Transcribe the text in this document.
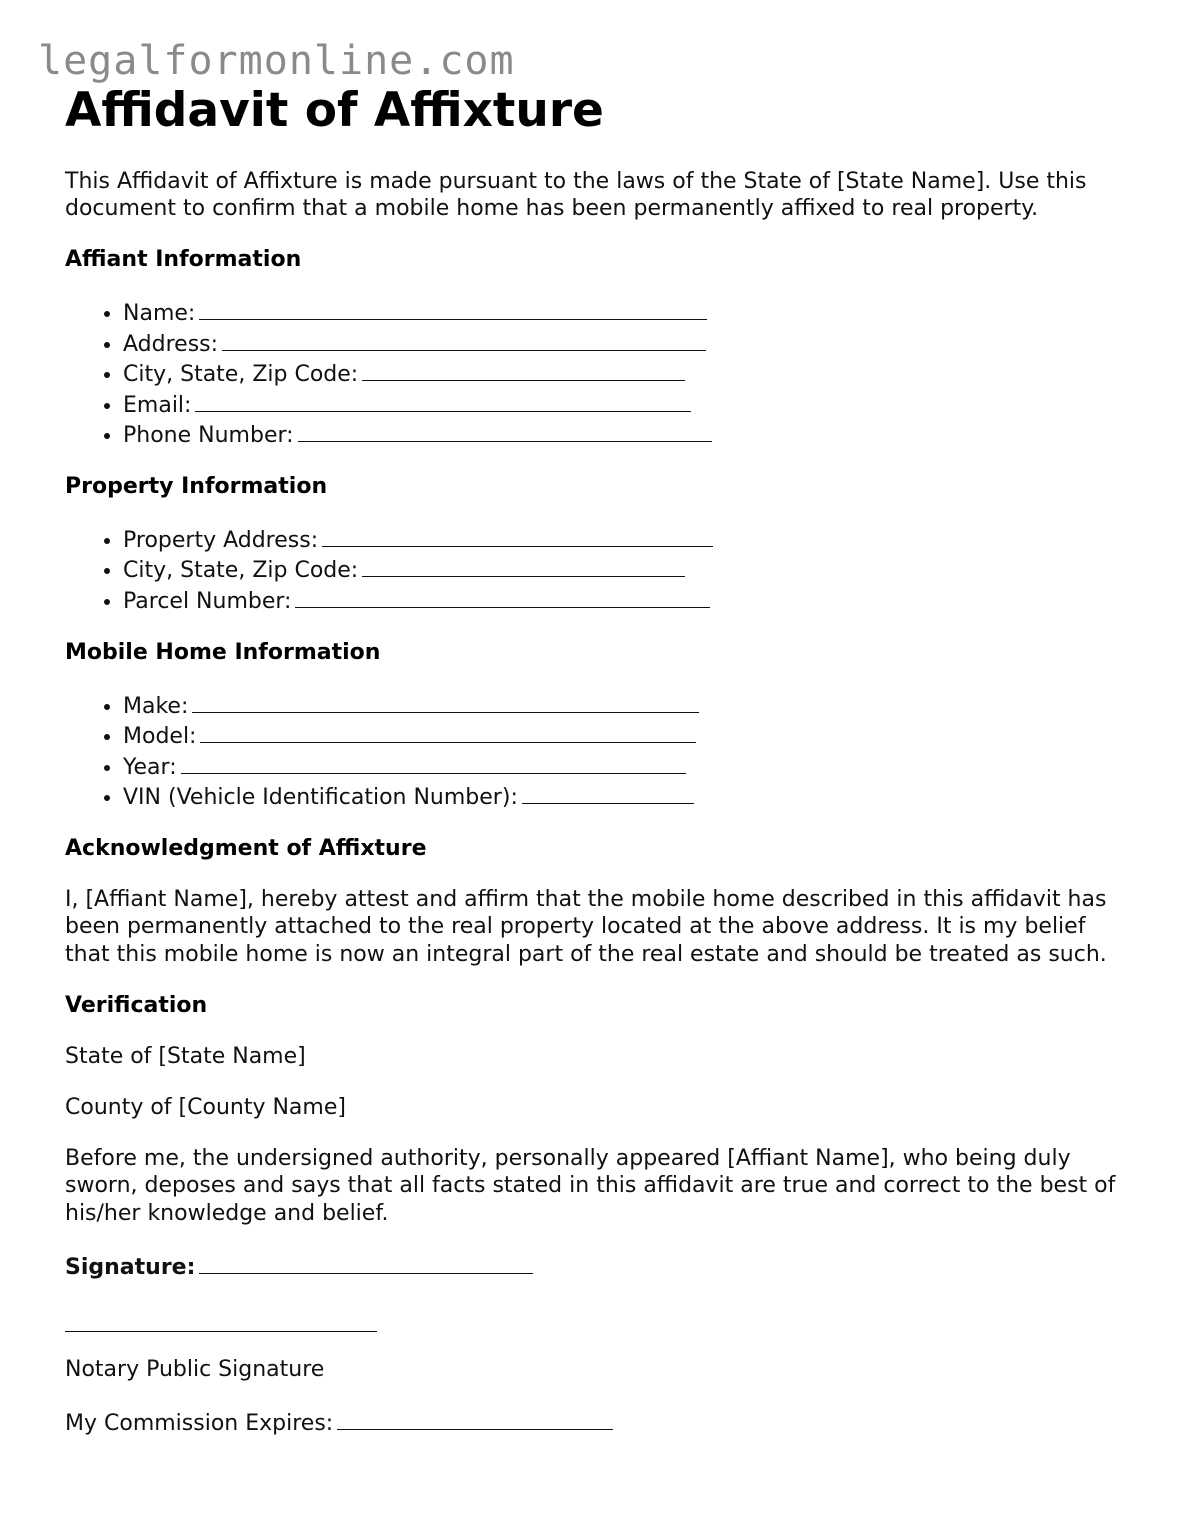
legalformonline.com
Affidavit of Affixture

This Affidavit of Affixture is made pursuant to the laws of the State of [State Name]. Use this document to confirm that a mobile home has been permanently affixed to real property.

Affiant Information
• Name:
• Address:
• City, State, Zip Code:
• Email:
• Phone Number:
Property Information
• Property Address:
• City, State, Zip Code:
• Parcel Number:
Mobile Home Information
• Make:
• Model:
• Year:
• VIN (Vehicle Identification Number):
Acknowledgment of Affixture

I, [Affiant Name], hereby attest and affirm that the mobile home described in this affidavit has been permanently attached to the real property located at the above address. It is my belief that this mobile home is now an integral part of the real estate and should be treated as such.

Verification

State of [State Name]

County of [County Name]

Before me, the undersigned authority, personally appeared [Affiant Name], who being duly sworn, deposes and says that all facts stated in this affidavit are true and correct to the best of his/her knowledge and belief.

Signature:

Notary Public Signature

My Commission Expires:
